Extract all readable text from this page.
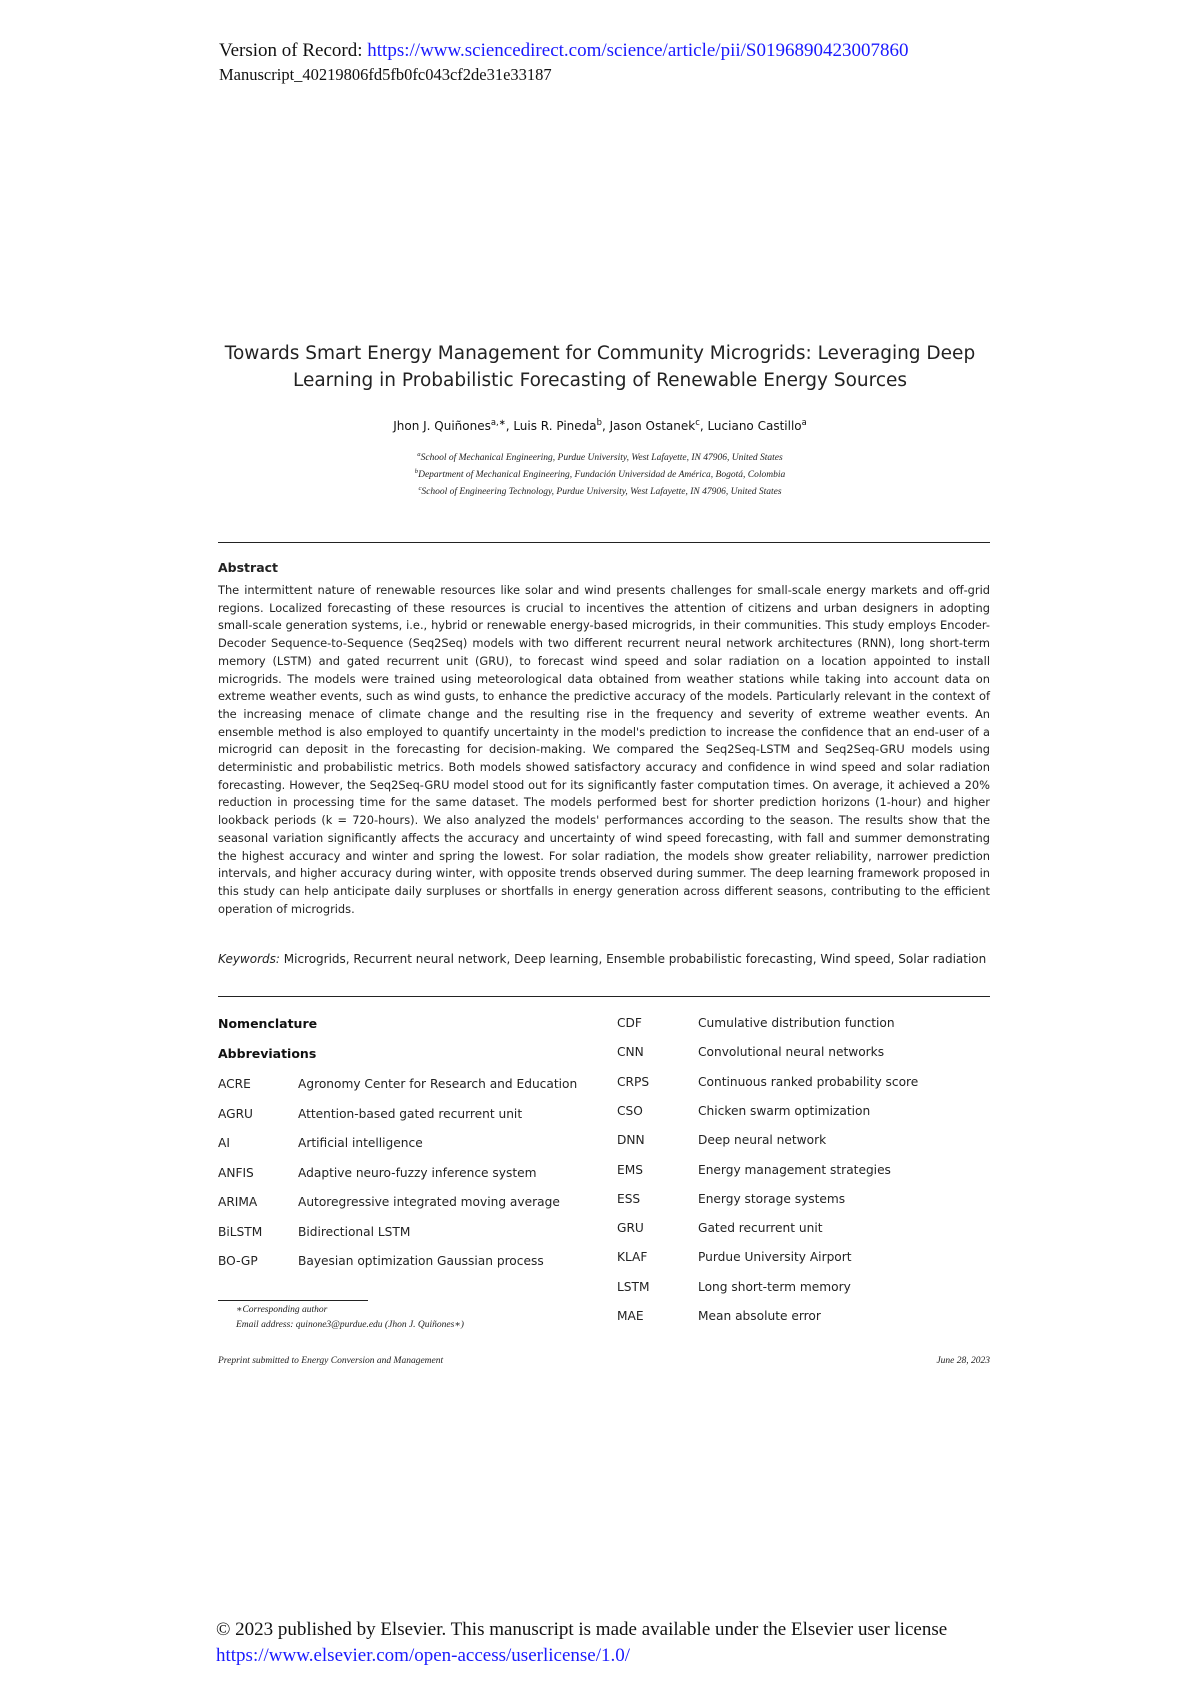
Version of Record: https://www.sciencedirect.com/science/article/pii/S0196890423007860
Manuscript_40219806fd5fb0fc043cf2de31e33187
Towards Smart Energy Management for Community Microgrids: Leveraging Deep
Learning in Probabilistic Forecasting of Renewable Energy Sources
Jhon J. Quiñones$^{a,∗}$, Luis R. Pineda$^b$, Jason Ostanek$^c$, Luciano Castillo$^a$
$^a$School of Mechanical Engineering, Purdue University, West Lafayette, IN 47906, United States
$^b$Department of Mechanical Engineering, Fundación Universidad de América, Bogotá, Colombia
$^c$School of Engineering Technology, Purdue University, West Lafayette, IN 47906, United States
Abstract
The intermittent nature of renewable resources like solar and wind presents challenges for small-scale energy markets and off-grid regions. Localized forecasting of these resources is crucial to incentives the attention of citizens and urban designers in adopting small-scale generation systems, i.e., hybrid or renewable energy-based microgrids, in their communities. This study employs Encoder-Decoder Sequence-to-Sequence (Seq2Seq) models with two different recurrent neural network architectures (RNN), long short-term memory (LSTM) and gated recurrent unit (GRU), to forecast wind speed and solar radiation on a location appointed to install microgrids. The models were trained using meteorological data obtained from weather stations while taking into account data on extreme weather events, such as wind gusts, to enhance the predictive accuracy of the models. Particularly relevant in the context of the increasing menace of climate change and the resulting rise in the frequency and severity of extreme weather events. An ensemble method is also employed to quantify uncertainty in the model's prediction to increase the confidence that an end-user of a microgrid can deposit in the forecasting for decision-making. We compared the Seq2Seq-LSTM and Seq2Seq-GRU models using deterministic and probabilistic metrics. Both models showed satisfactory accuracy and confidence in wind speed and solar radiation forecasting. However, the Seq2Seq-GRU model stood out for its significantly faster computation times. On average, it achieved a 20% reduction in processing time for the same dataset. The models performed best for shorter prediction horizons (1-hour) and higher lookback periods (k = 720-hours). We also analyzed the models' performances according to the season. The results show that the seasonal variation significantly affects the accuracy and uncertainty of wind speed forecasting, with fall and summer demonstrating the highest accuracy and winter and spring the lowest. For solar radiation, the models show greater reliability, narrower prediction intervals, and higher accuracy during winter, with opposite trends observed during summer. The deep learning framework proposed in this study can help anticipate daily surpluses or shortfalls in energy generation across different seasons, contributing to the efficient operation of microgrids.
Keywords: Microgrids, Recurrent neural network, Deep learning, Ensemble probabilistic forecasting, Wind speed, Solar radiation
Nomenclature
Abbreviations
ACRE	Agronomy Center for Research and Education
AGRU	Attention-based gated recurrent unit
AI	Artificial intelligence
ANFIS	Adaptive neuro-fuzzy inference system
ARIMA	Autoregressive integrated moving average
BiLSTM	Bidirectional LSTM
BO-GP	Bayesian optimization Gaussian process
CDF	Cumulative distribution function
CNN	Convolutional neural networks
CRPS	Continuous ranked probability score
CSO	Chicken swarm optimization
DNN	Deep neural network
EMS	Energy management strategies
ESS	Energy storage systems
GRU	Gated recurrent unit
KLAF	Purdue University Airport
LSTM	Long short-term memory
MAE	Mean absolute error
∗Corresponding author
Email address: quinone3@purdue.edu (Jhon J. Quiñones∗)
Preprint submitted to Energy Conversion and Management	June 28, 2023
© 2023 published by Elsevier. This manuscript is made available under the Elsevier user license
https://www.elsevier.com/open-access/userlicense/1.0/
